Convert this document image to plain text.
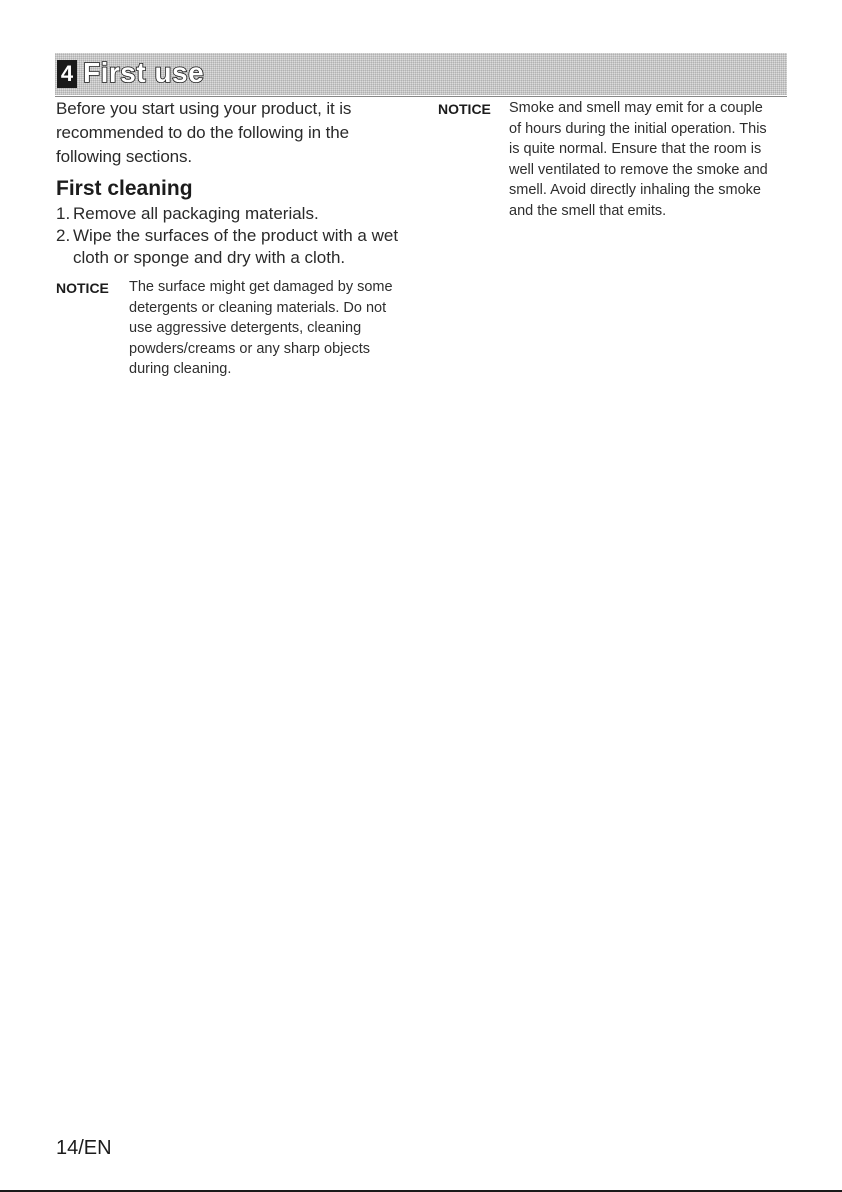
4 First use

Before you start using your product, it is recommended to do the following in the following sections.

First cleaning
1. Remove all packaging materials.
2. Wipe the surfaces of the product with a wet cloth or sponge and dry with a cloth.
NOTICE	The surface might get damaged by some detergents or cleaning materials. Do not use aggressive detergents, cleaning powders/creams or any sharp objects during cleaning.
NOTICE	Smoke and smell may emit for a couple of hours during the initial operation. This is quite normal. Ensure that the room is well ventilated to remove the smoke and smell. Avoid directly inhaling the smoke and the smell that emits.
14/EN
